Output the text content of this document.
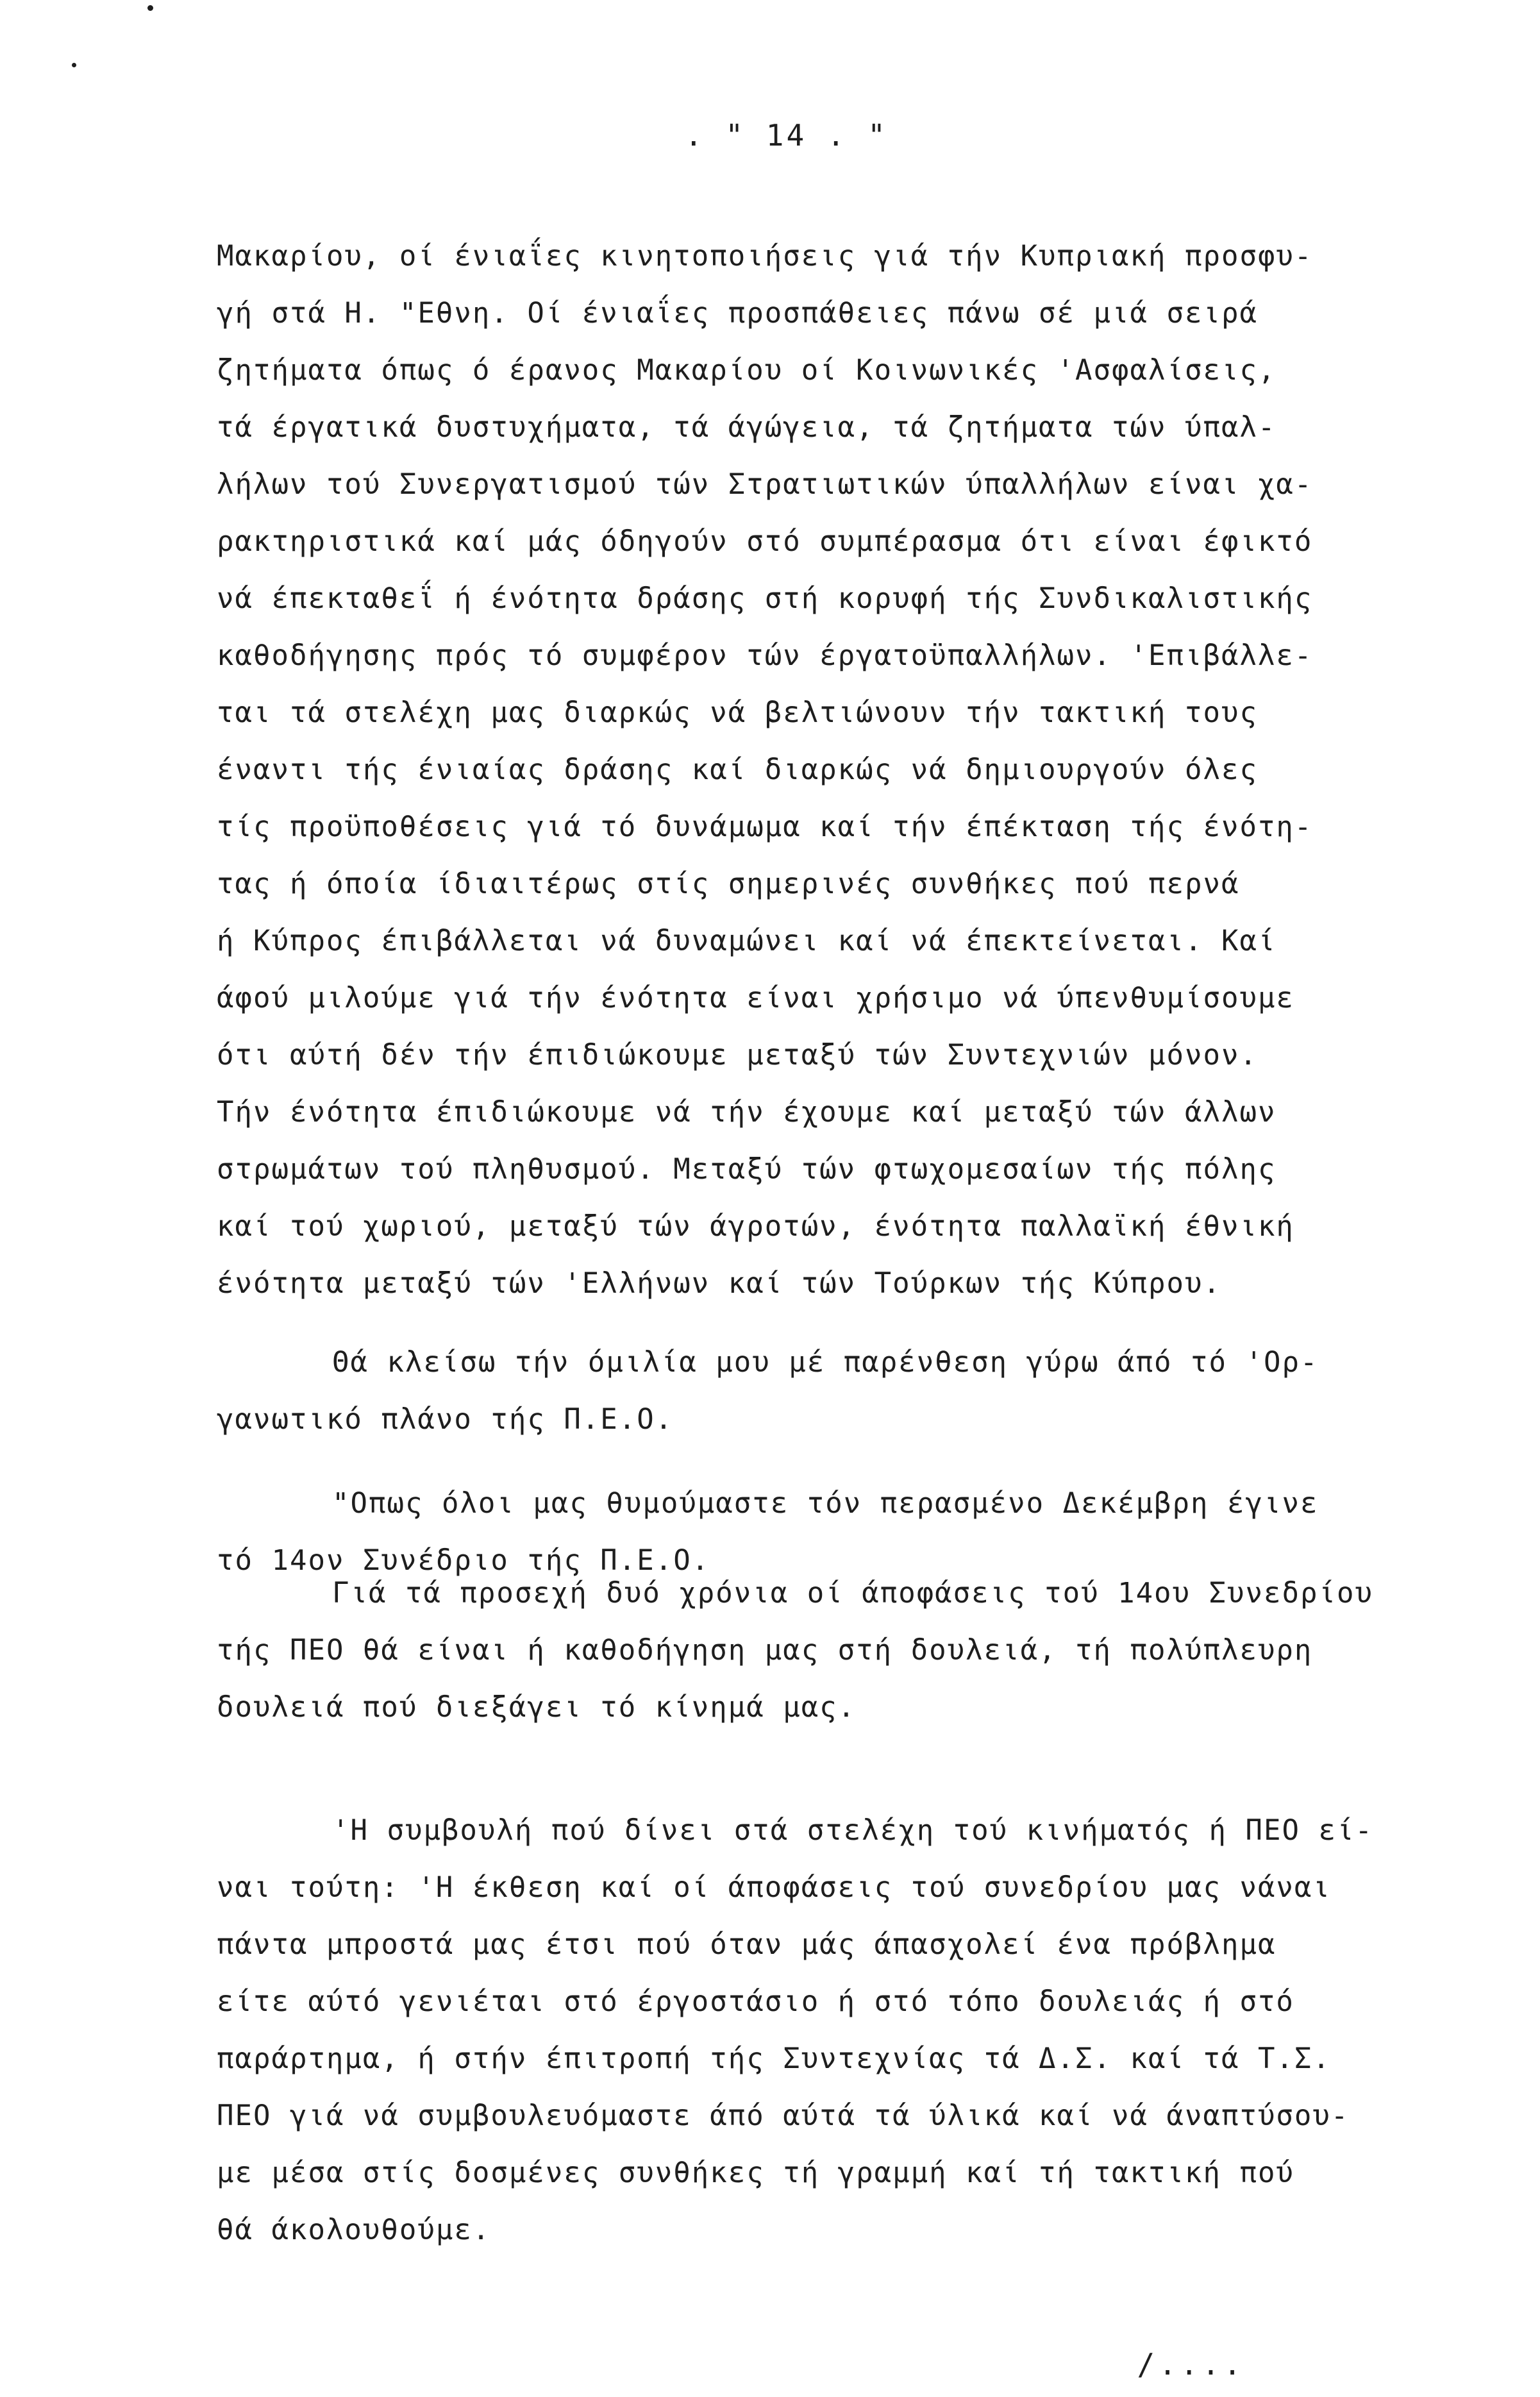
. " 14 . "
Μακαρίου, οί ένιαΐες κινητοποιήσεις γιά τήν Κυπριακή προσφυ-
γή στά Η. "Εθνη. Οί ένιαΐες προσπάθειες πάνω σέ μιά σειρά
ζητήματα όπως ό έρανος Μακαρίου οί Κοινωνικές 'Ασφαλίσεις,
τά έργατικά δυστυχήματα, τά άγώγεια, τά ζητήματα τών ύπαλ-
λήλων τού Συνεργατισμού τών Στρατιωτικών ύπαλλήλων είναι χα-
ρακτηριστικά καί μάς όδηγούν στό συμπέρασμα ότι είναι έφικτό
νά έπεκταθεΐ ή ένότητα δράσης στή κορυφή τής Συνδικαλιστικής
καθοδήγησης πρός τό συμφέρον τών έργατοϋπαλλήλων. 'Επιβάλλε-
ται τά στελέχη μας διαρκώς νά βελτιώνουν τήν τακτική τους
έναντι τής ένιαίας δράσης καί διαρκώς νά δημιουργούν όλες
τίς προϋποθέσεις γιά τό δυνάμωμα καί τήν έπέκταση τής ένότη-
τας ή όποία ίδιαιτέρως στίς σημερινές συνθήκες πού περνά
ή Κύπρος έπιβάλλεται νά δυναμώνει καί νά έπεκτείνεται. Καί
άφού μιλούμε γιά τήν ένότητα είναι χρήσιμο νά ύπενθυμίσουμε
ότι αύτή δέν τήν έπιδιώκουμε μεταξύ τών Συντεχνιών μόνον.
Τήν ένότητα έπιδιώκουμε νά τήν έχουμε καί μεταξύ τών άλλων
στρωμάτων τού πληθυσμού. Μεταξύ τών φτωχομεσαίων τής πόλης
καί τού χωριού, μεταξύ τών άγροτών, ένότητα παλλαϊκή έθνική
ένότητα μεταξύ τών 'Ελλήνων καί τών Τούρκων τής Κύπρου.
Θά κλείσω τήν όμιλία μου μέ παρένθεση γύρω άπό τό 'Ορ-
γανωτικό πλάνο τής Π.Ε.Ο.
"Οπως όλοι μας θυμούμαστε τόν περασμένο Δεκέμβρη έγινε
τό 14ον Συνέδριο τής Π.Ε.Ο.
Γιά τά προσεχή δυό χρόνια οί άποφάσεις τού 14ου Συνεδρίου
τής ΠΕΟ θά είναι ή καθοδήγηση μας στή δουλειά, τή πολύπλευρη
δουλειά πού διεξάγει τό κίνημά μας.
'Η συμβουλή πού δίνει στά στελέχη τού κινήματός ή ΠΕΟ εί-
ναι τούτη: 'Η έκθεση καί οί άποφάσεις τού συνεδρίου μας νάναι
πάντα μπροστά μας έτσι πού όταν μάς άπασχολεί ένα πρόβλημα
είτε αύτό γενιέται στό έργοστάσιο ή στό τόπο δουλειάς ή στό
παράρτημα, ή στήν έπιτροπή τής Συντεχνίας τά Δ.Σ. καί τά Τ.Σ.
ΠΕΟ γιά νά συμβουλευόμαστε άπό αύτά τά ύλικά καί νά άναπτύσου-
με μέσα στίς δοσμένες συνθήκες τή γραμμή καί τή τακτική πού
θά άκολουθούμε.
/....
